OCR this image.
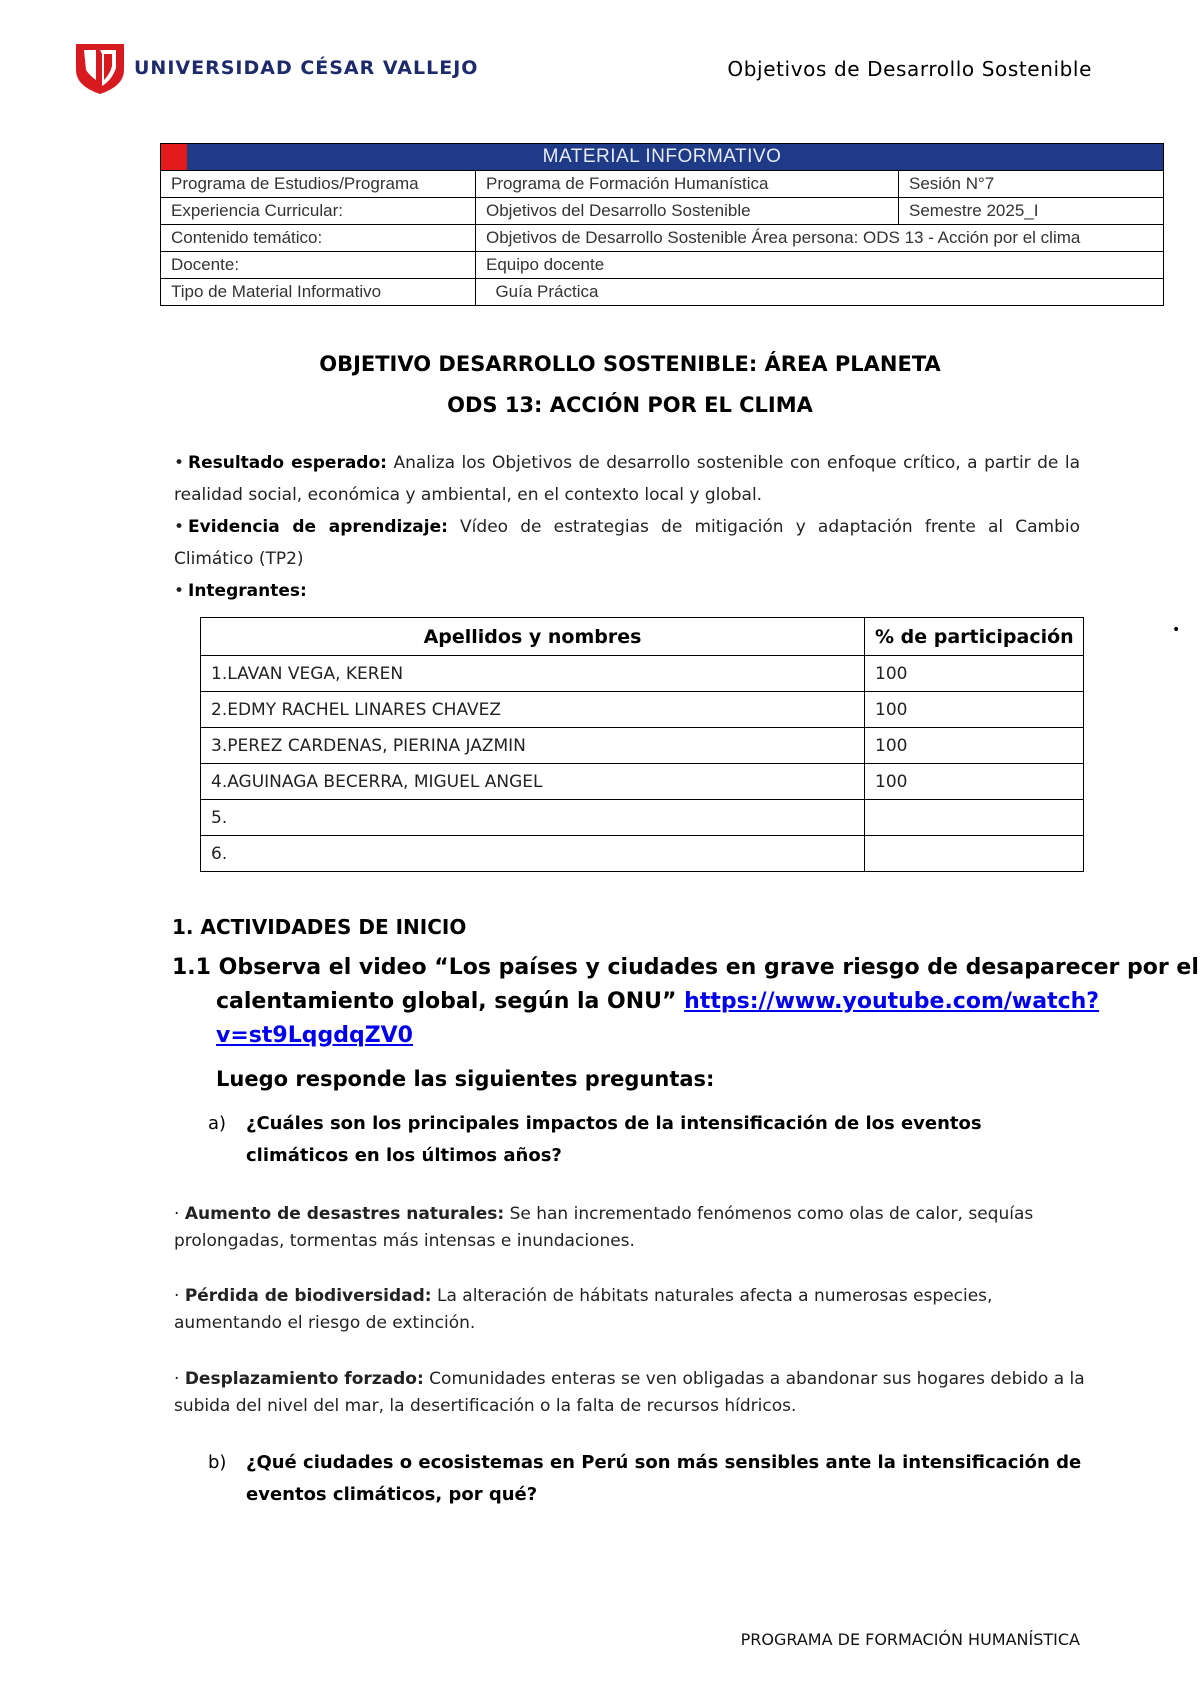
UNIVERSIDAD CÉSAR VALLEJO	Objetivos de Desarrollo Sostenible
MATERIAL INFORMATIVO		
Programa de Estudios/Programa	Programa de Formación Humanística	Sesión N°7
Experiencia Curricular:	Objetivos del Desarrollo Sostenible	Semestre 2025_I
Contenido temático:	Objetivos de Desarrollo Sostenible Área persona: ODS 13 - Acción por el clima	
Docente:	Equipo docente	
Tipo de Material Informativo	Guía Práctica	
OBJETIVO DESARROLLO SOSTENIBLE: ÁREA PLANETA
ODS 13: ACCIÓN POR EL CLIMA
• Resultado esperado: Analiza los Objetivos de desarrollo sostenible con enfoque crítico, a partir de la realidad social, económica y ambiental, en el contexto local y global.
• Evidencia de aprendizaje: Vídeo de estrategias de mitigación y adaptación frente al Cambio Climático (TP2)
• Integrantes:
•
Apellidos y nombres	% de participación
1.LAVAN VEGA, KEREN	100
2.EDMY RACHEL LINARES CHAVEZ	100
3.PEREZ CARDENAS, PIERINA JAZMIN	100
4.AGUINAGA BECERRA, MIGUEL ANGEL	100
5.	
6.	
1. ACTIVIDADES DE INICIO
1.1 Observa el video “Los países y ciudades en grave riesgo de desaparecer por el
calentamiento global, según la ONU” https://www.youtube.com/watch?
v=st9LqgdqZV0
Luego responde las siguientes preguntas:
a) ¿Cuáles son los principales impactos de la intensificación de los eventos climáticos en los últimos años?
· Aumento de desastres naturales: Se han incrementado fenómenos como olas de calor, sequías prolongadas, tormentas más intensas e inundaciones.
· Pérdida de biodiversidad: La alteración de hábitats naturales afecta a numerosas especies, aumentando el riesgo de extinción.
· Desplazamiento forzado: Comunidades enteras se ven obligadas a abandonar sus hogares debido a la subida del nivel del mar, la desertificación o la falta de recursos hídricos.
b) ¿Qué ciudades o ecosistemas en Perú son más sensibles ante la intensificación de eventos climáticos, por qué?
PROGRAMA DE FORMACIÓN HUMANÍSTICA
